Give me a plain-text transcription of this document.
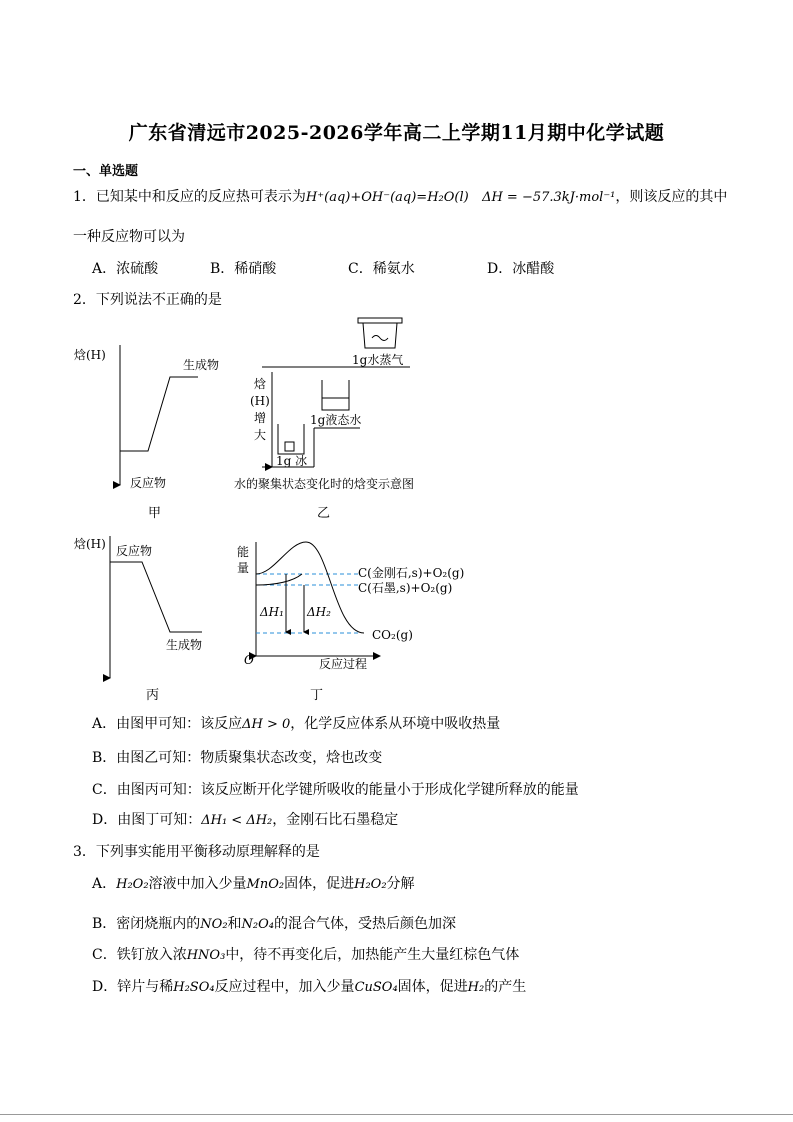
广东省清远市2025-2026学年高二上学期11月期中化学试题
一、单选题
1．已知某中和反应的反应热可表示为H⁺(aq)+OH⁻(aq)=H₂O(l) ΔH = −57.3kJ·mol⁻¹，则该反应的其中
一种反应物可以为
A．浓硫酸	B．稀硝酸	C．稀氨水	D．冰醋酸
2．下列说法不正确的是
焓(H)
生成物
反应物
甲
焓
(H)
增
大
1g 冰
1g液态水
1g水蒸气
水的聚集状态变化时的焓变示意图
乙
焓(H) 反应物
生成物
丙
能
量
ΔH₁ ΔH₂
C(金刚石,s)+O₂(g)
C(石墨,s)+O₂(g)
CO₂(g)
O	反应过程
丁
A．由图甲可知：该反应ΔH > 0，化学反应体系从环境中吸收热量
B．由图乙可知：物质聚集状态改变，焓也改变
C．由图丙可知：该反应断开化学键所吸收的能量小于形成化学键所释放的能量
D．由图丁可知：ΔH₁ < ΔH₂，金刚石比石墨稳定
3．下列事实能用平衡移动原理解释的是
A．H₂O₂溶液中加入少量MnO₂固体，促进H₂O₂分解
B．密闭烧瓶内的NO₂和N₂O₄的混合气体，受热后颜色加深
C．铁钉放入浓HNO₃中，待不再变化后，加热能产生大量红棕色气体
D．锌片与稀H₂SO₄反应过程中，加入少量CuSO₄固体，促进H₂的产生
